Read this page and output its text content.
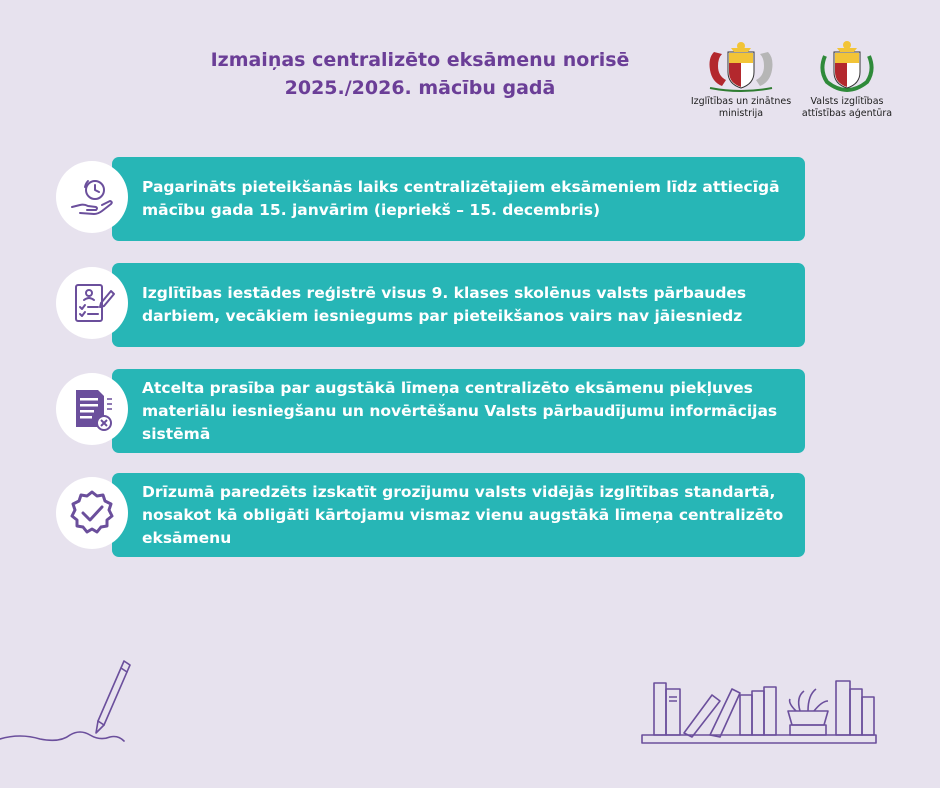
Izmaiņas centralizēto eksāmenu norisē
2025./2026. mācību gadā
Izglītības un zinātnes
ministrija
Valsts izglītības
attīstības aģentūra
Pagarināts pieteikšanās laiks centralizētajiem eksāmeniem līdz attiecīgā mācību gada 15. janvārim (iepriekš – 15. decembris)
Izglītības iestādes reģistrē visus 9. klases skolēnus valsts pārbaudes darbiem, vecākiem iesniegums par pieteikšanos vairs nav jāiesniedz
Atcelta prasība par augstākā līmeņa centralizēto eksāmenu piekļuves materiālu iesniegšanu un novērtēšanu Valsts pārbaudījumu informācijas sistēmā
Drīzumā paredzēts izskatīt grozījumu valsts vidējās izglītības standartā, nosakot kā obligāti kārtojamu vismaz vienu augstākā līmeņa centralizēto eksāmenu
